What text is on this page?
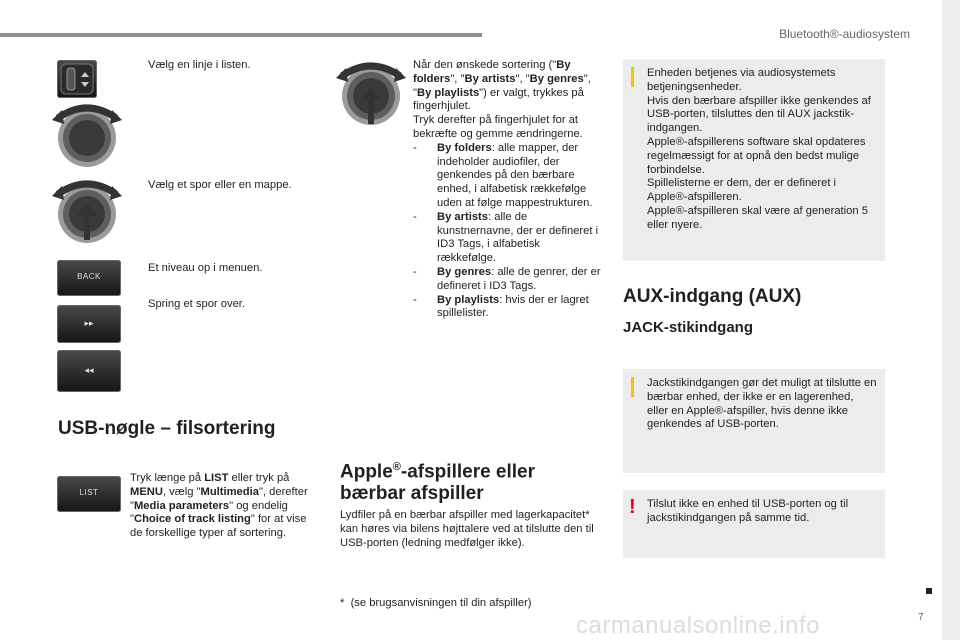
Bluetooth®-audiosystem
Vælg en linje i listen.
Vælg et spor eller en mappe.
BACK
Et niveau op i menuen.
▸▸
◂◂
Spring et spor over.
USB-nøgle – filsortering
LIST
Tryk længe på LIST eller tryk på MENU, vælg "Multimedia", derefter "Media parameters" og endelig "Choice of track listing" for at vise de forskellige typer af sortering.
Når den ønskede sortering ("By folders", "By artists", "By genres", "By playlists") er valgt, trykkes på fingerhjulet.
Tryk derefter på fingerhjulet for at bekræfte og gemme ændringerne.
- By folders: alle mapper, der indeholder audiofiler, der genkendes på den bærbare enhed, i alfabetisk rækkefølge uden at følge mappestrukturen.
- By artists: alle de kunstnernavne, der er defineret i ID3 Tags, i alfabetisk rækkefølge.
- By genres: alle de genrer, der er defineret i ID3 Tags.
- By playlists: hvis der er lagret spillelister.
Apple®-afspillere eller
bærbar afspiller
Lydfiler på en bærbar afspiller med lagerkapacitet* kan høres via bilens højttalere ved at tilslutte den til USB-porten (ledning medfølger ikke).
* (se brugsanvisningen til din afspiller)
Enheden betjenes via audiosystemets betjeningsenheder.
Hvis den bærbare afspiller ikke genkendes af USB-porten, tilsluttes den til AUX jackstik-indgangen.
Apple®-afspillerens software skal opdateres regelmæssigt for at opnå den bedst mulige forbindelse.
Spillelisterne er dem, der er defineret i Apple®-afspilleren.
Apple®-afspilleren skal være af generation 5 eller nyere.
AUX-indgang (AUX)
JACK-stikindgang
Jackstikindgangen gør det muligt at tilslutte en bærbar enhed, der ikke er en lagerenhed, eller en Apple®-afspiller, hvis denne ikke genkendes af USB-porten.
! Tilslut ikke en enhed til USB-porten og til jackstikindgangen på samme tid.
7
carmanualsonline.info
